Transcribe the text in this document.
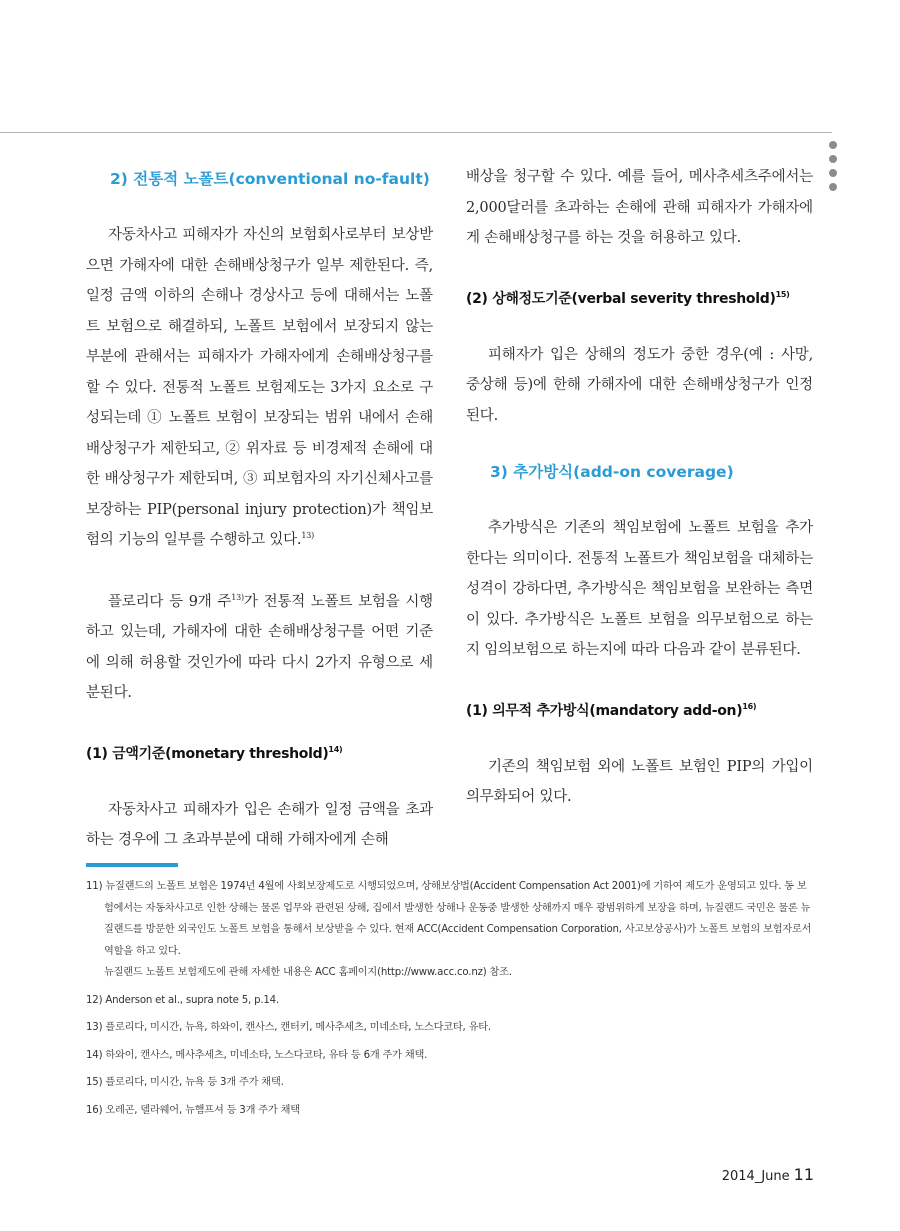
2) 전통적 노폴트(conventional no-fault)

자동차사고 피해자가 자신의 보험회사로부터 보상받으면 가해자에 대한 손해배상청구가 일부 제한된다. 즉, 일정 금액 이하의 손해나 경상사고 등에 대해서는 노폴트 보험으로 해결하되, 노폴트 보험에서 보장되지 않는 부분에 관해서는 피해자가 가해자에게 손해배상청구를 할 수 있다. 전통적 노폴트 보험제도는 3가지 요소로 구성되는데 ① 노폴트 보험이 보장되는 범위 내에서 손해배상청구가 제한되고, ② 위자료 등 비경제적 손해에 대한 배상청구가 제한되며, ③ 피보험자의 자기신체사고를 보장하는 PIP(personal injury protection)가 책임보험의 기능의 일부를 수행하고 있다.$^{13)}$

플로리다 등 9개 주$^{13)}$가 전통적 노폴트 보험을 시행하고 있는데, 가해자에 대한 손해배상청구를 어떤 기준에 의해 허용할 것인가에 따라 다시 2가지 유형으로 세분된다.

(1) 금액기준(monetary threshold)$^{14)}$

자동차사고 피해자가 입은 손해가 일정 금액을 초과하는 경우에 그 초과부분에 대해 가해자에게 손해

배상을 청구할 수 있다. 예를 들어, 메사추세츠주에서는 2,000달러를 초과하는 손해에 관해 피해자가 가해자에게 손해배상청구를 하는 것을 허용하고 있다.

(2) 상해정도기준(verbal severity threshold)$^{15)}$

피해자가 입은 상해의 정도가 중한 경우(예 : 사망, 중상해 등)에 한해 가해자에 대한 손해배상청구가 인정된다.

3) 추가방식(add-on coverage)

추가방식은 기존의 책임보험에 노폴트 보험을 추가한다는 의미이다. 전통적 노폴트가 책임보험을 대체하는 성격이 강하다면, 추가방식은 책임보험을 보완하는 측면이 있다. 추가방식은 노폴트 보험을 의무보험으로 하는지 임의보험으로 하는지에 따라 다음과 같이 분류된다.

(1) 의무적 추가방식(mandatory add-on)$^{16)}$

기존의 책임보험 외에 노폴트 보험인 PIP의 가입이 의무화되어 있다.

11) 뉴질랜드의 노폴트 보험은 1974년 4월에 사회보장제도로 시행되었으며, 상해보상법(Accident Compensation Act 2001)에 기하여 제도가 운영되고 있다. 동 보험에서는 자동차사고로 인한 상해는 물론 업무와 관련된 상해, 집에서 발생한 상해나 운동중 발생한 상해까지 매우 광범위하게 보장을 하며, 뉴질랜드 국민은 물론 뉴질랜드를 방문한 외국인도 노폴트 보험을 통해서 보상받을 수 있다. 현재 ACC(Accident Compensation Corporation, 사고보상공사)가 노폴트 보험의 보험자로서 역할을 하고 있다.
뉴질랜드 노폴트 보험제도에 관해 자세한 내용은 ACC 홈페이지(http://www.acc.co.nz) 참조.
12) Anderson et al., supra note 5, p.14.
13) 플로리다, 미시간, 뉴욕, 하와이, 캔사스, 캔터키, 메사추세츠, 미네소타, 노스다코타, 유타.
14) 하와이, 캔사스, 메사추세츠, 미네소타, 노스다코타, 유타 등 6개 주가 채택.
15) 플로리다, 미시간, 뉴욕 등 3개 주가 채택.
16) 오레곤, 델라웨어, 뉴햄프셔 등 3개 주가 채택
2014_June 11
